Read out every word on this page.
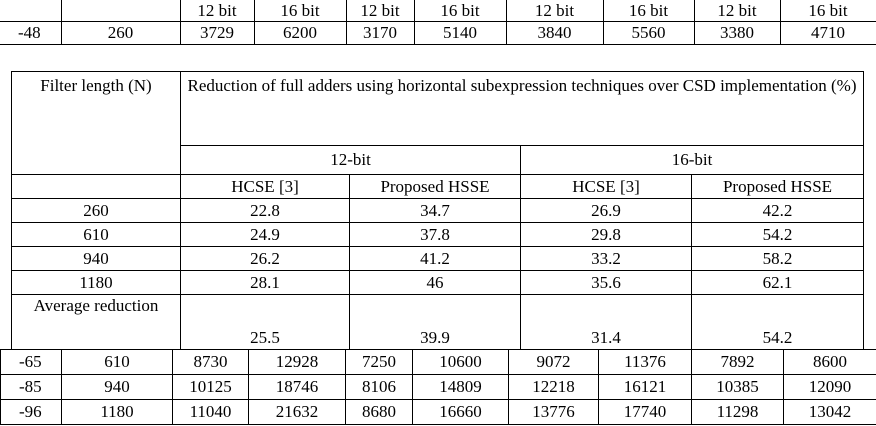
		12 bit	16 bit	12 bit	16 bit	12 bit	16 bit	12 bit	16 bit
-48	260	3729	6200	3170	5140	3840	5560	3380	4710
Filter length (N)	Reduction of full adders using horizontal subexpression techniques over CSD implementation (%)			
	12-bit		16-bit	
	HCSE [3]	Proposed HSSE	HCSE [3]	Proposed HSSE
260	22.8	34.7	26.9	42.2
610	24.9	37.8	29.8	54.2
940	26.2	41.2	33.2	58.2
1180	28.1	46	35.6	62.1
Average reduction	25.5	39.9	31.4	54.2
-65	610	8730	12928	7250	10600	9072	11376	7892	8600
-85	940	10125	18746	8106	14809	12218	16121	10385	12090
-96	1180	11040	21632	8680	16660	13776	17740	11298	13042
